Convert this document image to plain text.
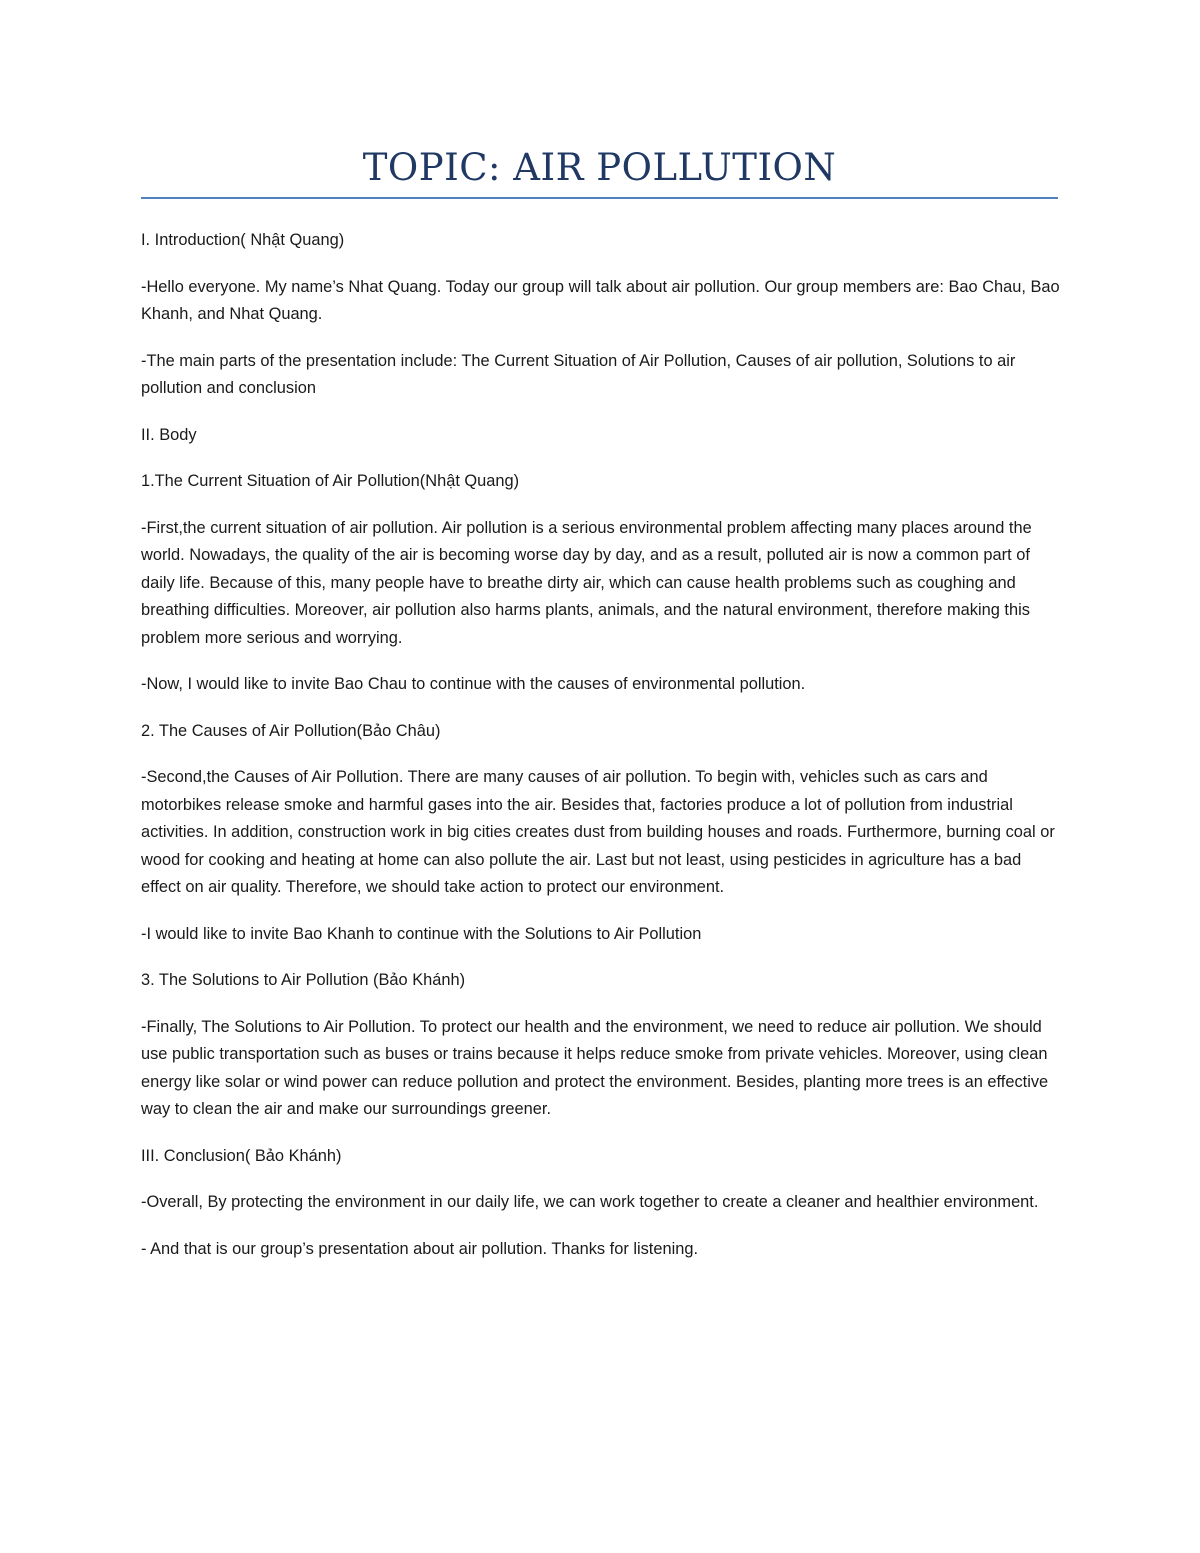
TOPIC: AIR POLLUTION

I. Introduction( Nhật Quang)

-Hello everyone. My name’s Nhat Quang. Today our group will talk about air pollution. Our group members are: Bao Chau, Bao Khanh, and Nhat Quang.

-The main parts of the presentation include: The Current Situation of Air Pollution, Causes of air pollution, Solutions to air pollution and conclusion

II. Body

1.The Current Situation of Air Pollution(Nhật Quang)

-First,the current situation of air pollution. Air pollution is a serious environmental problem affecting many places around the world. Nowadays, the quality of the air is becoming worse day by day, and as a result, polluted air is now a common part of daily life. Because of this, many people have to breathe dirty air, which can cause health problems such as coughing and breathing difficulties. Moreover, air pollution also harms plants, animals, and the natural environment, therefore making this problem more serious and worrying.

-Now, I would like to invite Bao Chau to continue with the causes of environmental pollution.

2. The Causes of Air Pollution(Bảo Châu)

-Second,the Causes of Air Pollution. There are many causes of air pollution. To begin with, vehicles such as cars and motorbikes release smoke and harmful gases into the air. Besides that, factories produce a lot of pollution from industrial activities. In addition, construction work in big cities creates dust from building houses and roads. Furthermore, burning coal or wood for cooking and heating at home can also pollute the air. Last but not least, using pesticides in agriculture has a bad effect on air quality. Therefore, we should take action to protect our environment.

-I would like to invite Bao Khanh to continue with the Solutions to Air Pollution

3. The Solutions to Air Pollution (Bảo Khánh)

-Finally, The Solutions to Air Pollution. To protect our health and the environment, we need to reduce air pollution. We should use public transportation such as buses or trains because it helps reduce smoke from private vehicles. Moreover, using clean energy like solar or wind power can reduce pollution and protect the environment. Besides, planting more trees is an effective way to clean the air and make our surroundings greener.

III. Conclusion( Bảo Khánh)

-Overall, By protecting the environment in our daily life, we can work together to create a cleaner and healthier environment.

- And that is our group’s presentation about air pollution. Thanks for listening.
